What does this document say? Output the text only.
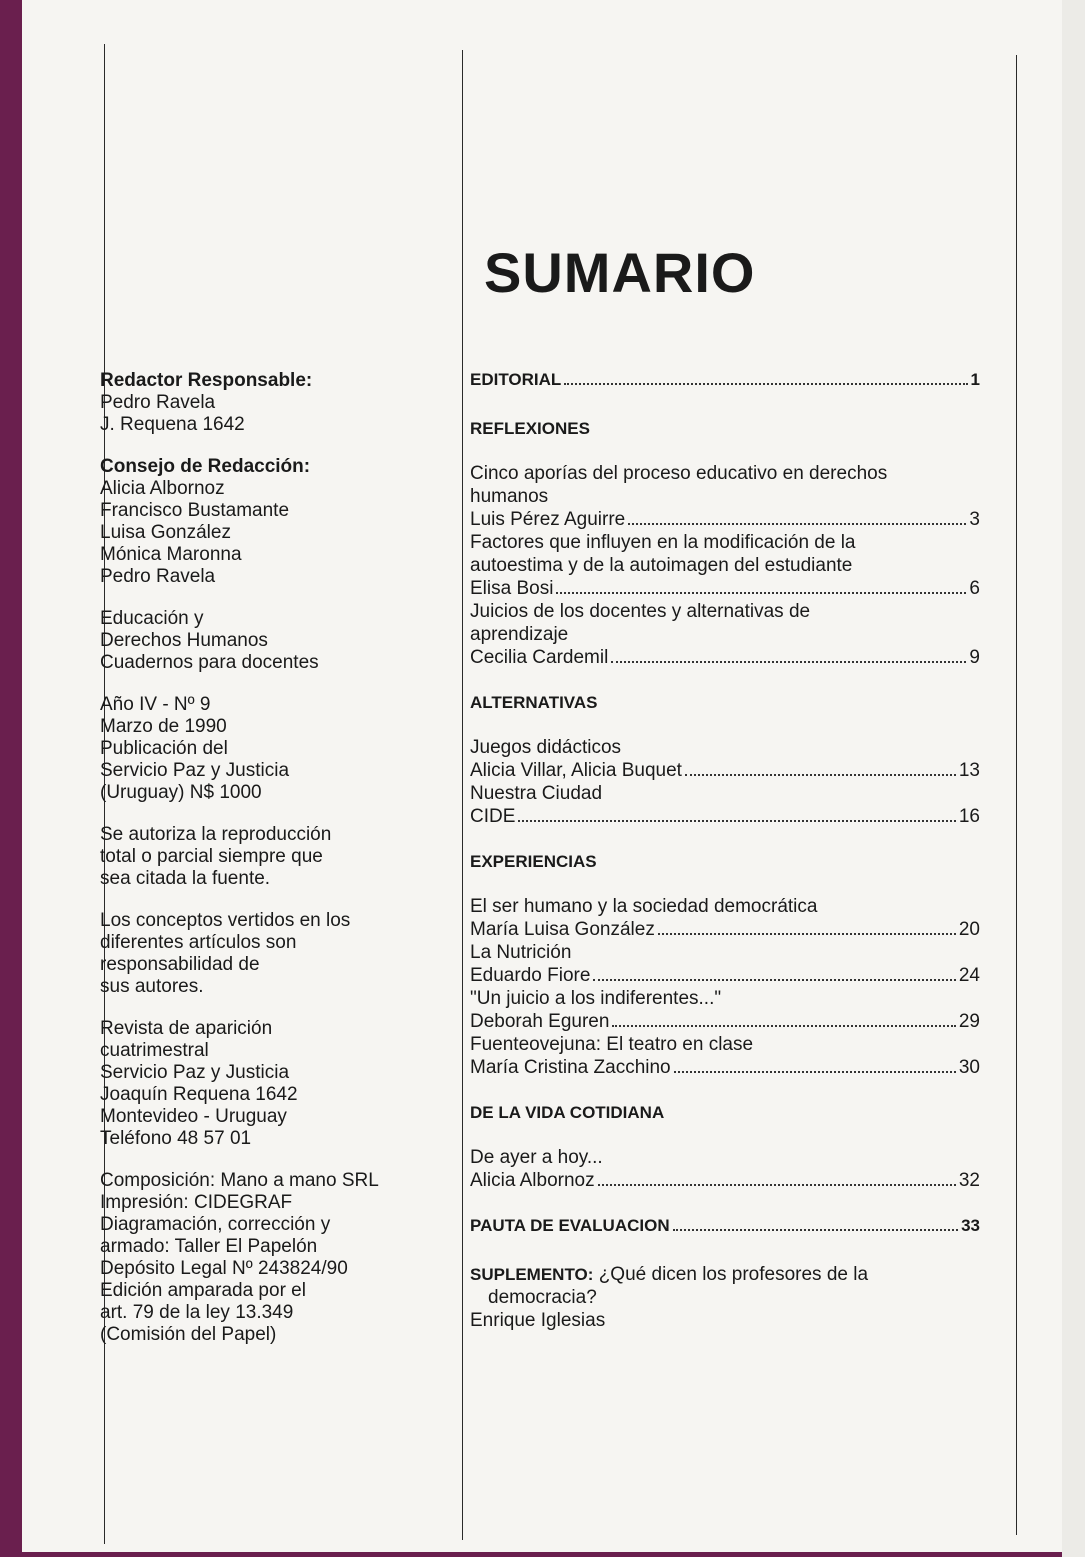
Redactor Responsable:
Pedro Ravela
J. Requena 1642
Consejo de Redacción:
Alicia Albornoz
Francisco Bustamante
Luisa González
Mónica Maronna
Pedro Ravela
Educación y
Derechos Humanos
Cuadernos para docentes
Año IV - Nº 9
Marzo de 1990
Publicación del
Servicio Paz y Justicia
(Uruguay) N$ 1000
Se autoriza la reproducción
total o parcial siempre que
sea citada la fuente.
Los conceptos vertidos en los
diferentes artículos son
responsabilidad de
sus autores.
Revista de aparición
cuatrimestral
Servicio Paz y Justicia
Joaquín Requena 1642
Montevideo - Uruguay
Teléfono 48 57 01
Composición: Mano a mano SRL
Impresión: CIDEGRAF
Diagramación, corrección y
armado: Taller El Papelón
Depósito Legal Nº 243824/90
Edición amparada por el
art. 79 de la ley 13.349
(Comisión del Papel)
SUMARIO
EDITORIAL	1
REFLEXIONES
Cinco aporías del proceso educativo en derechos
humanos
Luis Pérez Aguirre	3
Factores que influyen en la modificación de la
autoestima y de la autoimagen del estudiante
Elisa Bosi	6
Juicios de los docentes y alternativas de
aprendizaje
Cecilia Cardemil	9
ALTERNATIVAS
Juegos didácticos
Alicia Villar, Alicia Buquet	13
Nuestra Ciudad
CIDE	16
EXPERIENCIAS
El ser humano y la sociedad democrática
María Luisa González	20
La Nutrición
Eduardo Fiore	24
"Un juicio a los indiferentes..."
Deborah Eguren	29
Fuenteovejuna: El teatro en clase
María Cristina Zacchino	30
DE LA VIDA COTIDIANA
De ayer a hoy...
Alicia Albornoz	32
PAUTA DE EVALUACION	33
SUPLEMENTO: ¿Qué dicen los profesores de la
democracia?
Enrique Iglesias
